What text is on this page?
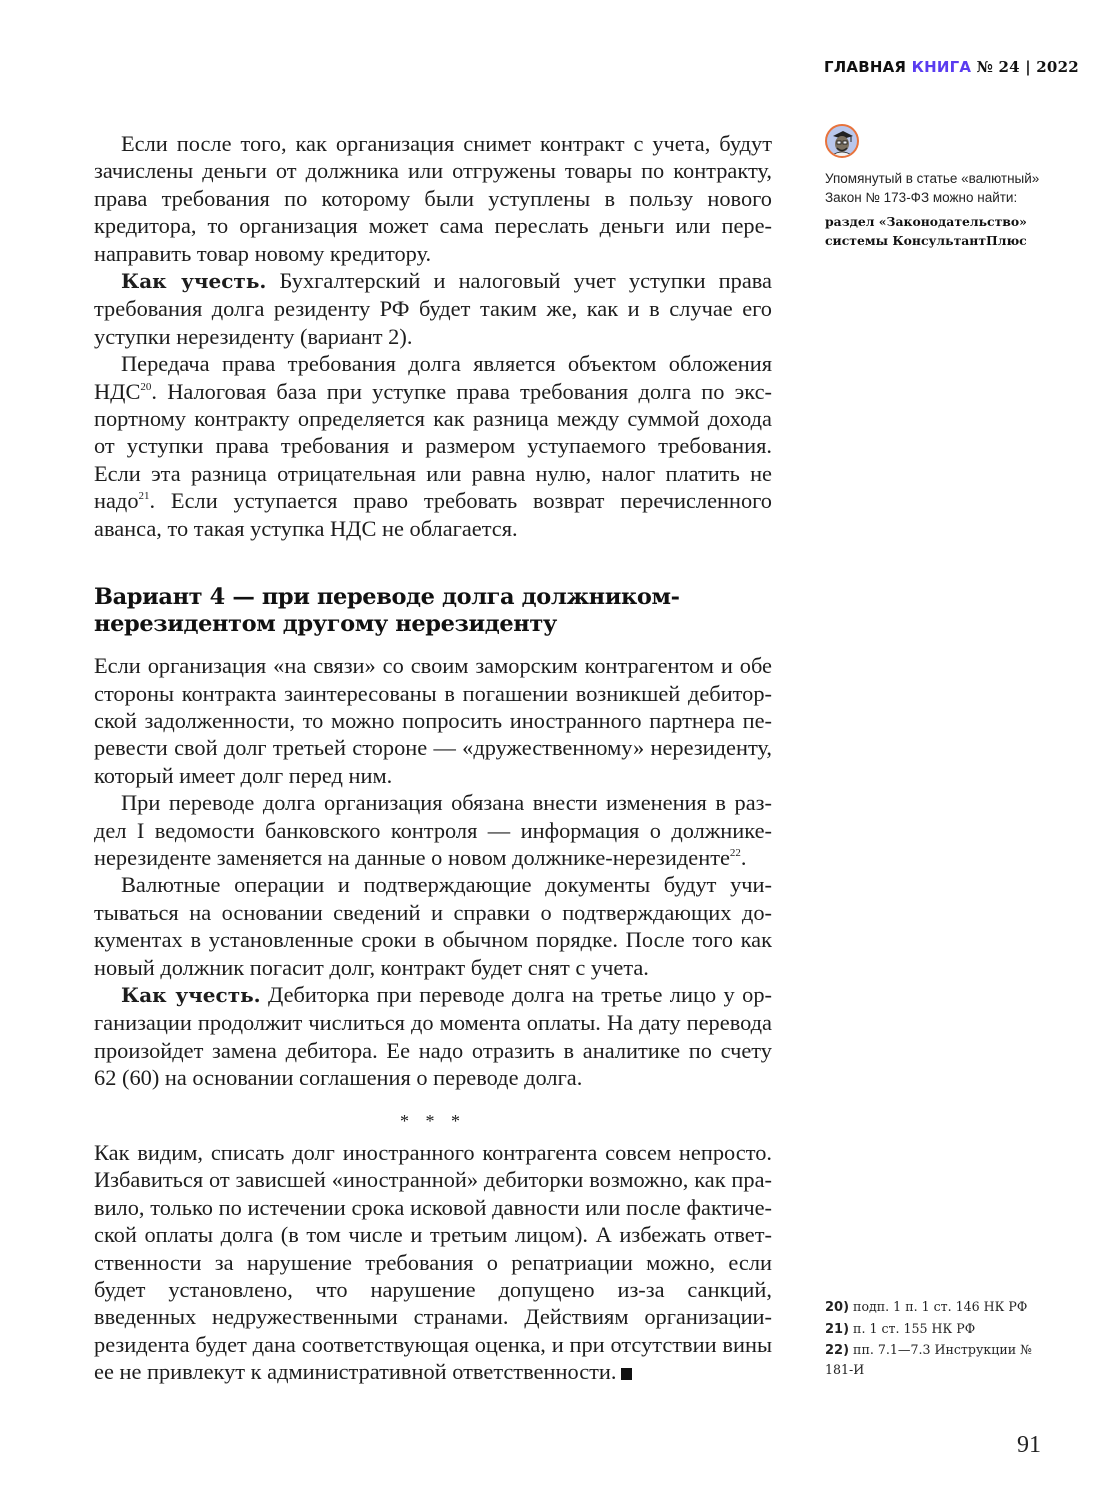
ГЛАВНАЯ КНИГА № 24 | 2022
Упомянутый в статье «валютный» Закон № 173-ФЗ можно найти:
раздел «Законодательство» системы КонсультантПлюс

Если после того, как организация снимет контракт с учета, будут зачислены деньги от должника или отгружены товары по контракту, права требования по которому были уступлены в пользу нового кредитора, то организация может сама переслать деньги или перенаправить товар новому кредитору.

Как учесть. Бухгалтерский и налоговый учет уступки права требования долга резиденту РФ будет таким же, как и в случае его уступки нерезиденту (вариант 2).

Передача права требования долга является объектом обложения НДС$^{20}$. Налоговая база при уступке права требования долга по экспортному контракту определяется как разница между суммой дохода от уступки права требования и размером уступаемого требования. Если эта разница отрицательная или равна нулю, налог платить не надо$^{21}$. Если уступается право требовать возврат перечисленного аванса, то такая уступка НДС не облагается.

Вариант 4 — при переводе долга должником-нерезидентом другому нерезиденту

Если организация «на связи» со своим заморским контрагентом и обе стороны контракта заинтересованы в погашении возникшей дебиторской задолженности, то можно попросить иностранного партнера перевести свой долг третьей стороне — «дружественному» нерезиденту, который имеет долг перед ним.

При переводе долга организация обязана внести изменения в раздел I ведомости банковского контроля — информация о должнике-нерезиденте заменяется на данные о новом должнике-нерезиденте$^{22}$.

Валютные операции и подтверждающие документы будут учитываться на основании сведений и справки о подтверждающих документах в установленные сроки в обычном порядке. После того как новый должник погасит долг, контракт будет снят с учета.

Как учесть. Дебиторка при переводе долга на третье лицо у организации продолжит числиться до момента оплаты. На дату перевода произойдет замена дебитора. Ее надо отразить в аналитике по счету 62 (60) на основании соглашения о переводе долга.

* * *

Как видим, списать долг иностранного контрагента совсем непросто. Избавиться от зависшей «иностранной» дебиторки возможно, как правило, только по истечении срока исковой давности или после фактической оплаты долга (в том числе и третьим лицом). А избежать ответственности за нарушение требования о репатриации можно, если будет установлено, что нарушение допущено из-за санкций, введенных недружественными странами. Действиям организации-резидента будет дана соответствующая оценка, и при отсутствии вины ее не привлекут к административной ответственности.

20) подп. 1 п. 1 ст. 146 НК РФ

21) п. 1 ст. 155 НК РФ

22) пп. 7.1—7.3 Инструкции № 181-И

91
